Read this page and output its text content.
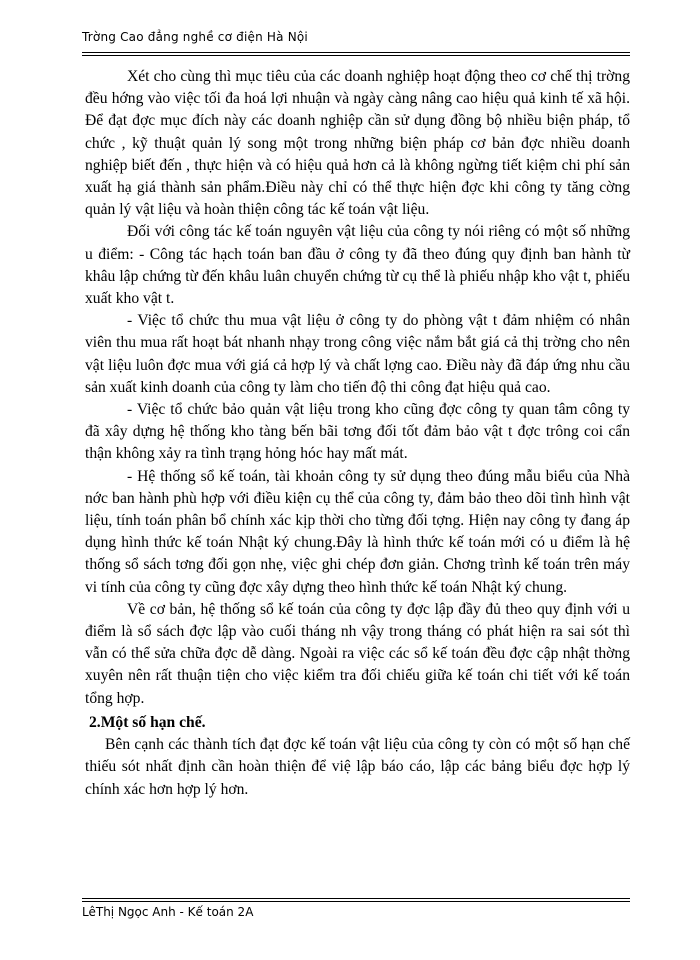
Trờng Cao đẳng nghề cơ điện Hà Nội

Xét cho cùng thì mục tiêu của các doanh nghiệp hoạt động theo cơ chế thị trờng đều hớng vào việc tối đa hoá lợi nhuận và ngày càng nâng cao hiệu quả kinh tế xã hội. Để đạt đợc mục đích này các doanh nghiệp cần sử dụng đồng bộ nhiều biện pháp, tổ chức , kỹ thuật quản lý song một trong những biện pháp cơ bản đợc nhiều doanh nghiệp biết đến , thực hiện và có hiệu quả hơn cả là không ngừng tiết kiệm chi phí sản xuất hạ giá thành sản phẩm.Điều này chỉ có thể thực hiện đợc khi công ty tăng cờng quản lý vật liệu và hoàn thiện công tác kế toán vật liệu.

Đối với công tác kế toán nguyên vật liệu của công ty nói riêng có một số những u điểm: - Công tác hạch toán ban đầu ở công ty đã theo đúng quy định ban hành từ khâu lập chứng từ đến khâu luân chuyển chứng từ cụ thể là phiếu nhập kho vật t, phiếu xuất kho vật t.

- Việc tổ chức thu mua vật liệu ở công ty do phòng vật t đảm nhiệm có nhân viên thu mua rất hoạt bát nhanh nhạy trong công việc nắm bắt giá cả thị trờng cho nên vật liệu luôn đợc mua với giá cả hợp lý và chất lợng cao. Điều này đã đáp ứng nhu cầu sản xuất kinh doanh của công ty làm cho tiến độ thi công đạt hiệu quả cao.

- Việc tổ chức bảo quản vật liệu trong kho cũng đợc công ty quan tâm công ty đã xây dựng hệ thống kho tàng bến bãi tơng đối tốt đảm bảo vật t đợc trông coi cẩn thận không xảy ra tình trạng hỏng hóc hay mất mát.

- Hệ thống sổ kế toán, tài khoản công ty sử dụng theo đúng mẫu biểu của Nhà nớc ban hành phù hợp với điều kiện cụ thể của công ty, đảm bảo theo dõi tình hình vật liệu, tính toán phân bổ chính xác kịp thời cho từng đối tợng. Hiện nay công ty đang áp dụng hình thức kế toán Nhật ký chung.Đây là hình thức kế toán mới có u điểm là hệ thống sổ sách tơng đối gọn nhẹ, việc ghi chép đơn giản. Chơng trình kế toán trên máy vi tính của công ty cũng đợc xây dựng theo hình thức kế toán Nhật ký chung.

Về cơ bản, hệ thống sổ kế toán của công ty đợc lập đầy đủ theo quy định với u điểm là sổ sách đợc lập vào cuối tháng nh vậy trong tháng có phát hiện ra sai sót thì vẫn có thể sửa chữa đợc dễ dàng. Ngoài ra việc các sổ kế toán đều đợc cập nhật thờng xuyên nên rất thuận tiện cho việc kiểm tra đối chiếu giữa kế toán chi tiết với kế toán tổng hợp.

2.Một số hạn chế.

Bên cạnh các thành tích đạt đợc kế toán vật liệu của công ty còn có một số hạn chế thiếu sót nhất định cần hoàn thiện để việ lập báo cáo, lập các bảng biểu đợc hợp lý chính xác hơn hợp lý hơn.

LêThị Ngọc Anh - Kế toán 2A
